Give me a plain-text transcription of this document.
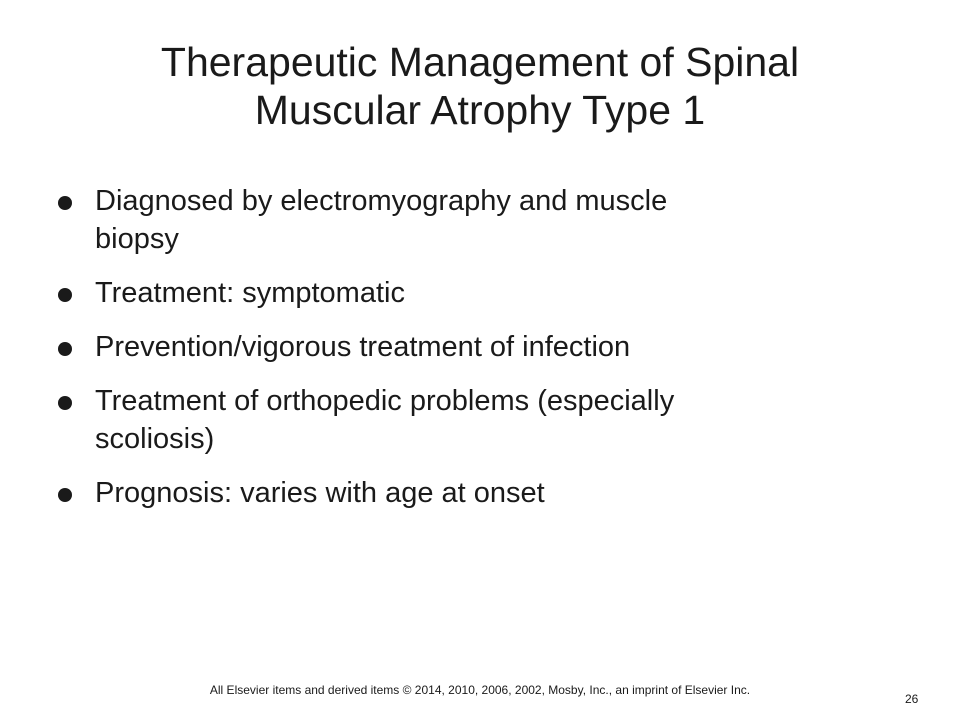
Therapeutic Management of Spinal
Muscular Atrophy Type 1
Diagnosed by electromyography and muscle
biopsy
Treatment: symptomatic
Prevention/vigorous treatment of infection
Treatment of orthopedic problems (especially
scoliosis)
Prognosis: varies with age at onset
All Elsevier items and derived items © 2014, 2010, 2006, 2002, Mosby, Inc., an imprint of Elsevier Inc.
26
